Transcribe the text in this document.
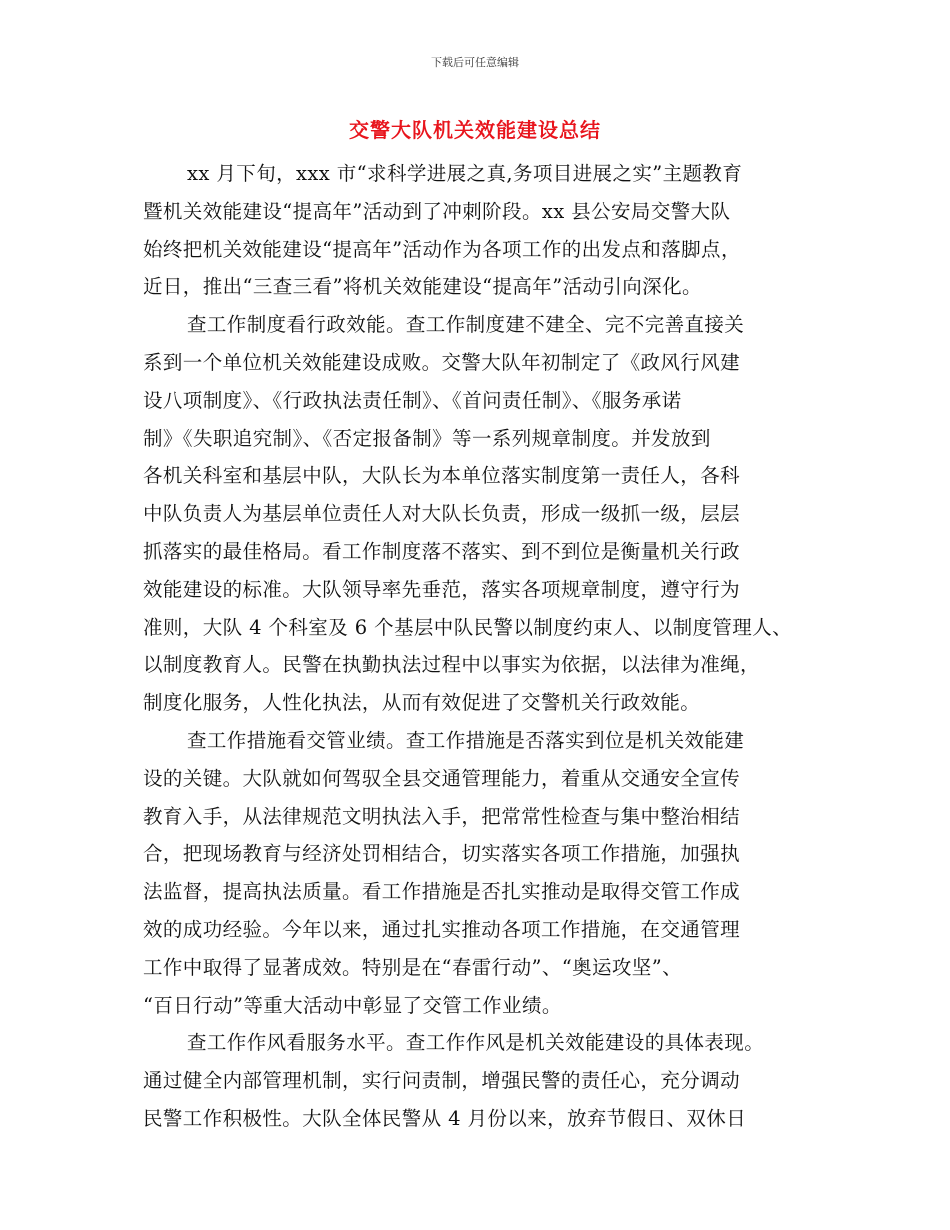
下载后可任意编辑
交警大队机关效能建设总结
xx 月下旬，xxx 市“求科学进展之真,务项目进展之实”主题教育
暨机关效能建设“提高年”活动到了冲刺阶段。xx 县公安局交警大队
始终把机关效能建设“提高年”活动作为各项工作的出发点和落脚点，
近日，推出“三查三看”将机关效能建设“提高年”活动引向深化。
查工作制度看行政效能。查工作制度建不建全、完不完善直接关
系到一个单位机关效能建设成败。交警大队年初制定了《政风行风建
设八项制度》、《行政执法责任制》、《首问责任制》、《服务承诺
制》《失职追究制》、《否定报备制》等一系列规章制度。并发放到
各机关科室和基层中队，大队长为本单位落实制度第一责任人，各科
中队负责人为基层单位责任人对大队长负责，形成一级抓一级，层层
抓落实的最佳格局。看工作制度落不落实、到不到位是衡量机关行政
效能建设的标准。大队领导率先垂范，落实各项规章制度，遵守行为
准则，大队 4 个科室及 6 个基层中队民警以制度约束人、以制度管理人、
以制度教育人。民警在执勤执法过程中以事实为依据，以法律为准绳，
制度化服务，人性化执法，从而有效促进了交警机关行政效能。
查工作措施看交管业绩。查工作措施是否落实到位是机关效能建
设的关键。大队就如何驾驭全县交通管理能力，着重从交通安全宣传
教育入手，从法律规范文明执法入手，把常常性检查与集中整治相结
合，把现场教育与经济处罚相结合，切实落实各项工作措施，加强执
法监督，提高执法质量。看工作措施是否扎实推动是取得交管工作成
效的成功经验。今年以来，通过扎实推动各项工作措施，在交通管理
工作中取得了显著成效。特别是在“春雷行动”、“奥运攻坚”、
“百日行动”等重大活动中彰显了交管工作业绩。
查工作作风看服务水平。查工作作风是机关效能建设的具体表现。
通过健全内部管理机制，实行问责制，增强民警的责任心，充分调动
民警工作积极性。大队全体民警从 4 月份以来，放弃节假日、双休日
